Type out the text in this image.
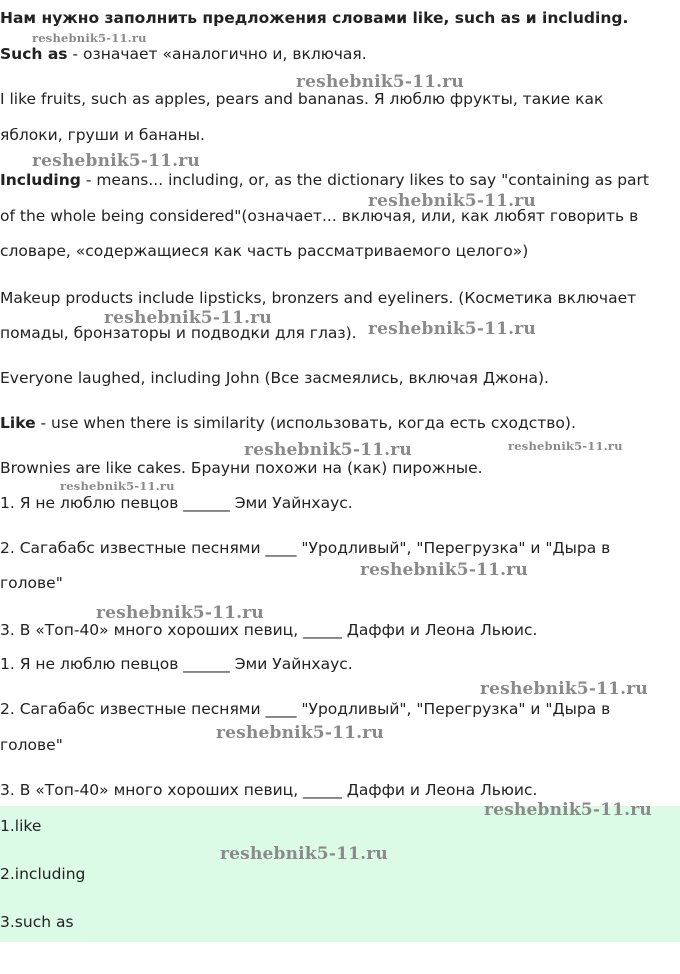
Нам нужно заполнить предложения словами like, such as и including.
Such as - означает «аналогично и, включая.
I like fruits, such as apples, pears and bananas. Я люблю фрукты, такие как
яблоки, груши и бананы.
Including - means... including, or, as the dictionary likes to say "containing as part
of the whole being considered"(означает... включая, или, как любят говорить в
словаре, «содержащиеся как часть рассматриваемого целого»)
Makeup products include lipsticks, bronzers and eyeliners. (Косметика включает
помады, бронзаторы и подводки для глаз).
Everyone laughed, including John (Все засмеялись, включая Джона).
Like - use when there is similarity (использовать, когда есть сходство).
Brownies are like cakes. Брауни похожи на (как) пирожные.
1. Я не люблю певцов ______ Эми Уайнхаус.
2. Сагабабс известные песнями ____ "Уродливый", "Перегрузка" и "Дыра в
голове"
3. В «Топ-40» много хороших певиц, _____ Даффи и Леона Льюис.
1. Я не люблю певцов ______ Эми Уайнхаус.
2. Сагабабс известные песнями ____ "Уродливый", "Перегрузка" и "Дыра в
голове"
3. В «Топ-40» много хороших певиц, _____ Даффи и Леона Льюис.
1.like
2.including
3.such as
reshebnik5-11.ru
reshebnik5-11.ru
reshebnik5-11.ru
reshebnik5-11.ru
reshebnik5-11.ru
reshebnik5-11.ru
reshebnik5-11.ru	reshebnik5-11.ru
reshebnik5-11.ru
reshebnik5-11.ru
reshebnik5-11.ru
reshebnik5-11.ru
reshebnik5-11.ru
reshebnik5-11.ru
reshebnik5-11.ru
